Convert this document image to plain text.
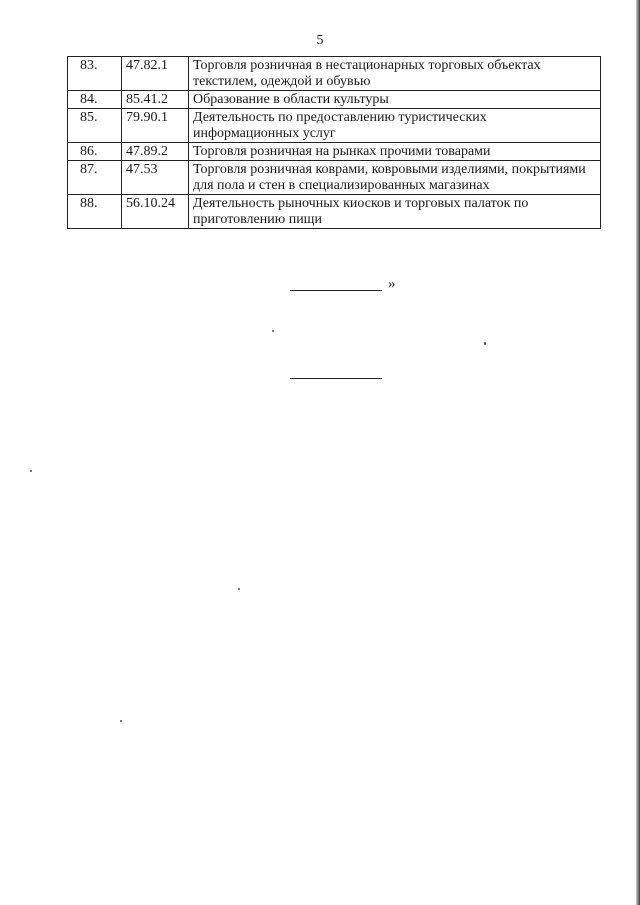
5
83.	47.82.1	Торговля розничная в нестационарных торговых объектах текстилем, одеждой и обувью
84.	85.41.2	Образование в области культуры
85.	79.90.1	Деятельность по предоставлению туристических информационных услуг
86.	47.89.2	Торговля розничная на рынках прочими товарами
87.	47.53	Торговля розничная коврами, ковровыми изделиями, покрытиями для пола и стен в специализированных магазинах
88.	56.10.24	Деятельность рыночных киосков и торговых палаток по приготовлению пищи
»
